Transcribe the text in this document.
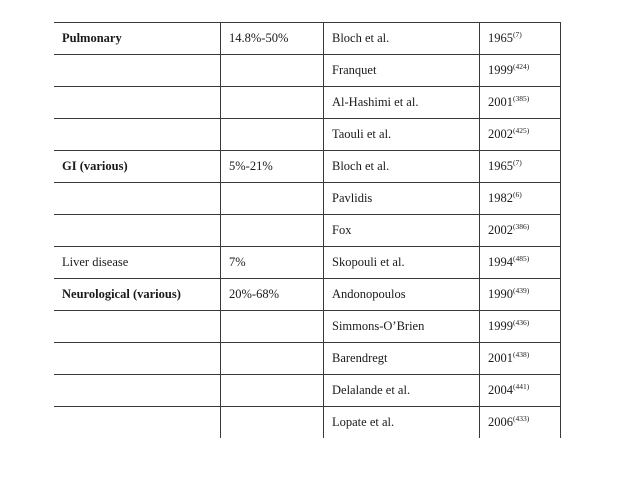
Pulmonary	14.8%-50%	Bloch et al.	1965$^{(7)}$
		Franquet	1999$^{(424)}$
		Al-Hashimi et al.	2001$^{(385)}$
		Taouli et al.	2002$^{(425)}$
GI (various)	5%-21%	Bloch et al.	1965$^{(7)}$
		Pavlidis	1982$^{(6)}$
		Fox	2002$^{(386)}$
Liver disease	7%	Skopouli et al.	1994$^{(485)}$
Neurological (various)	20%-68%	Andonopoulos	1990$^{(439)}$
		Simmons-O’Brien	1999$^{(436)}$
		Barendregt	2001$^{(438)}$
		Delalande et al.	2004$^{(441)}$
		Lopate et al.	2006$^{(433)}$
